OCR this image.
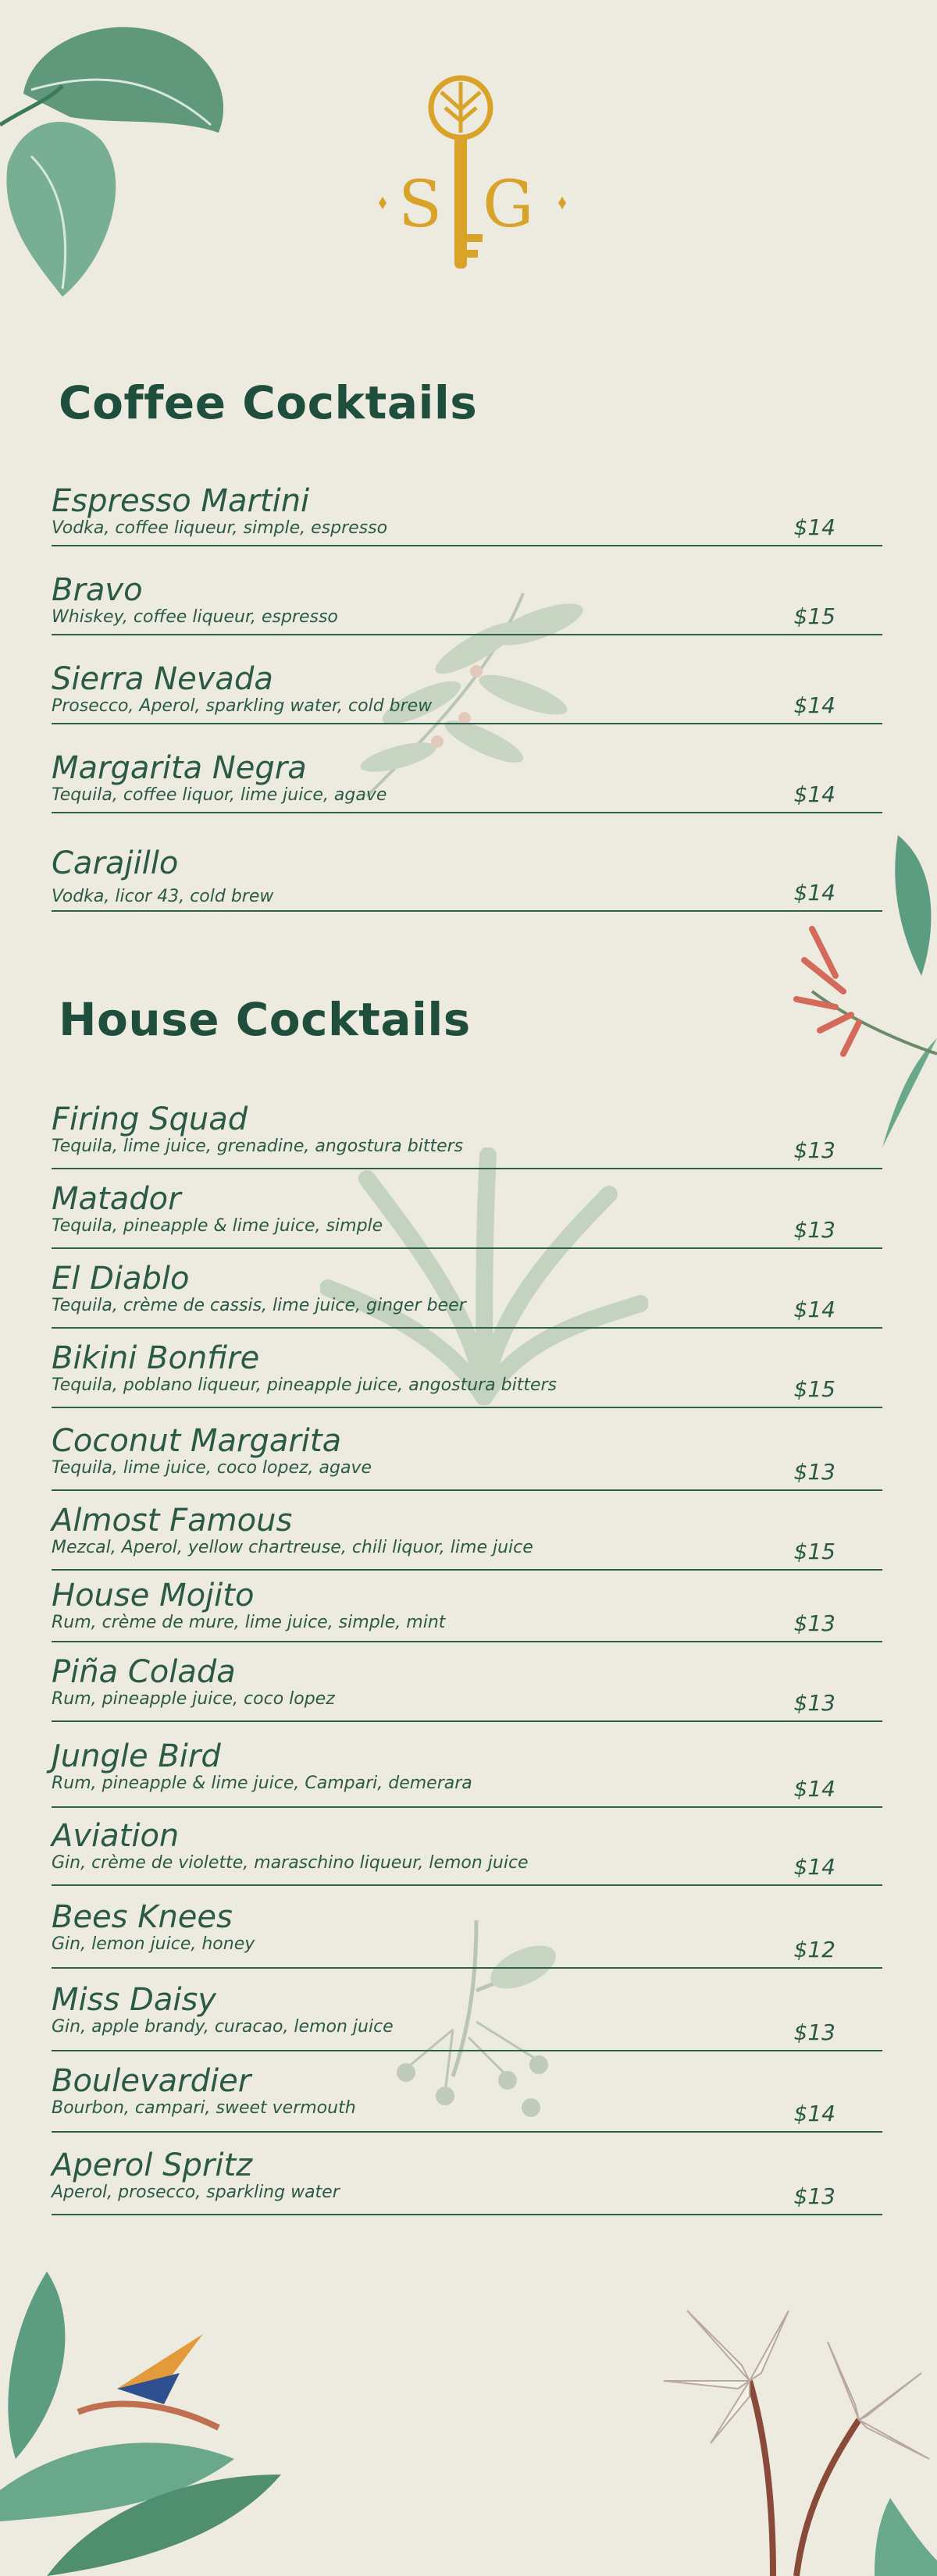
S G
Coffee Cocktails
Espresso Martini
Vodka, coffee liqueur, simple, espresso	$14
Bravo
Whiskey, coffee liqueur, espresso	$15
Sierra Nevada
Prosecco, Aperol, sparkling water, cold brew	$14
Margarita Negra
Tequila, coffee liquor, lime juice, agave	$14
Carajillo
Vodka, licor 43, cold brew	$14
House Cocktails
Firing Squad
Tequila, lime juice, grenadine, angostura bitters	$13
Matador
Tequila, pineapple & lime juice, simple	$13
El Diablo
Tequila, crème de cassis, lime juice, ginger beer	$14
Bikini Bonfire
Tequila, poblano liqueur, pineapple juice, angostura bitters	$15
Coconut Margarita
Tequila, lime juice, coco lopez, agave	$13
Almost Famous
Mezcal, Aperol, yellow chartreuse, chili liquor, lime juice	$15
House Mojito
Rum, crème de mure, lime juice, simple, mint	$13
Piña Colada
Rum, pineapple juice, coco lopez	$13
Jungle Bird
Rum, pineapple & lime juice, Campari, demerara	$14
Aviation
Gin, crème de violette, maraschino liqueur, lemon juice	$14
Bees Knees
Gin, lemon juice, honey	$12
Miss Daisy
Gin, apple brandy, curacao, lemon juice	$13
Boulevardier
Bourbon, campari, sweet vermouth	$14
Aperol Spritz
Aperol, prosecco, sparkling water	$13
